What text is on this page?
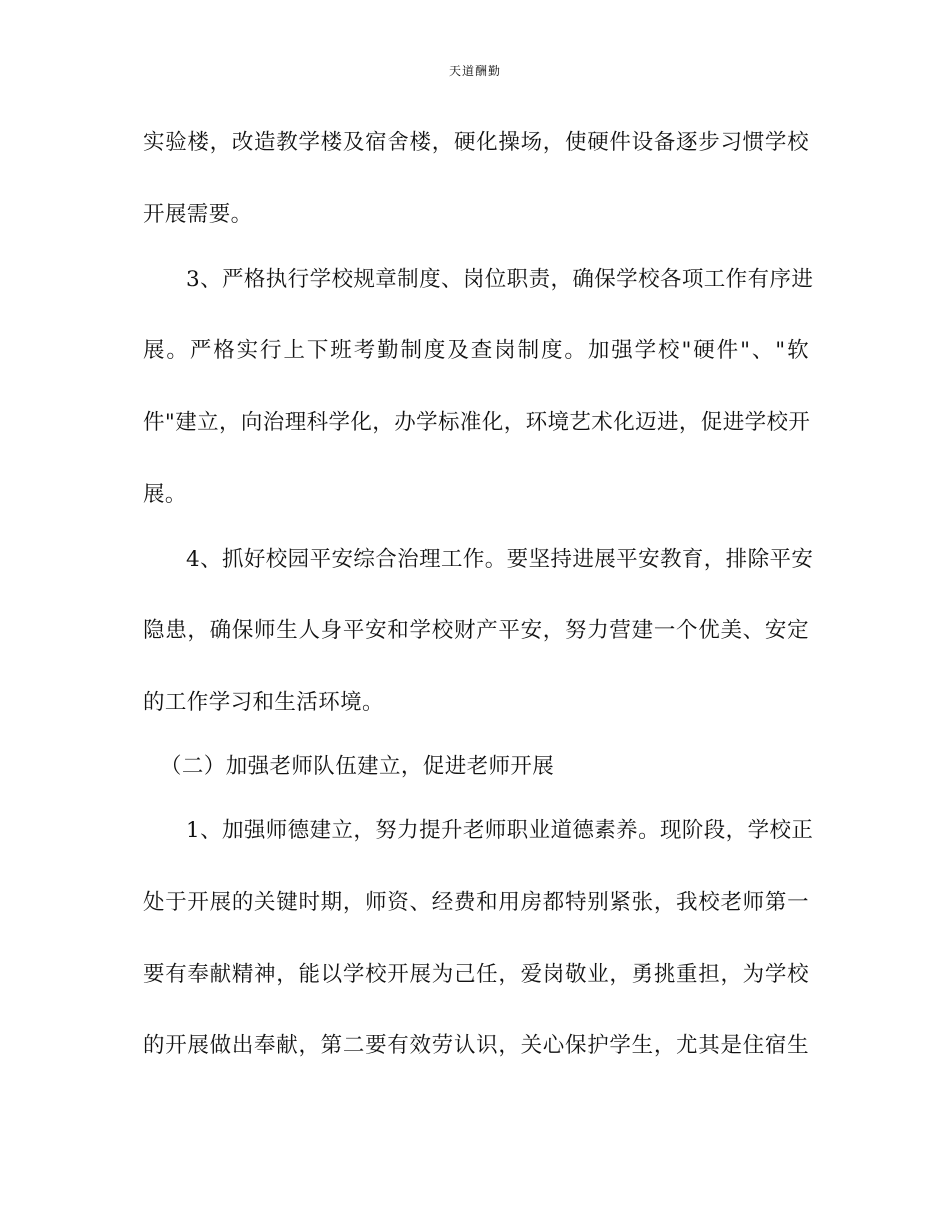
天道酬勤
实验楼，改造教学楼及宿舍楼，硬化操场，使硬件设备逐步习惯学校
开展需要。
3、严格执行学校规章制度、岗位职责，确保学校各项工作有序进
展。严格实行上下班考勤制度及查岗制度。加强学校"硬件"、"软
件"建立，向治理科学化，办学标准化，环境艺术化迈进，促进学校开
展。
4、抓好校园平安综合治理工作。要坚持进展平安教育，排除平安
隐患，确保师生人身平安和学校财产平安，努力营建一个优美、安定
的工作学习和生活环境。
（二）加强老师队伍建立，促进老师开展
1、加强师德建立，努力提升老师职业道德素养。现阶段，学校正
处于开展的关键时期，师资、经费和用房都特别紧张，我校老师第一
要有奉献精神，能以学校开展为己任，爱岗敬业，勇挑重担，为学校
的开展做出奉献，第二要有效劳认识，关心保护学生，尤其是住宿生
